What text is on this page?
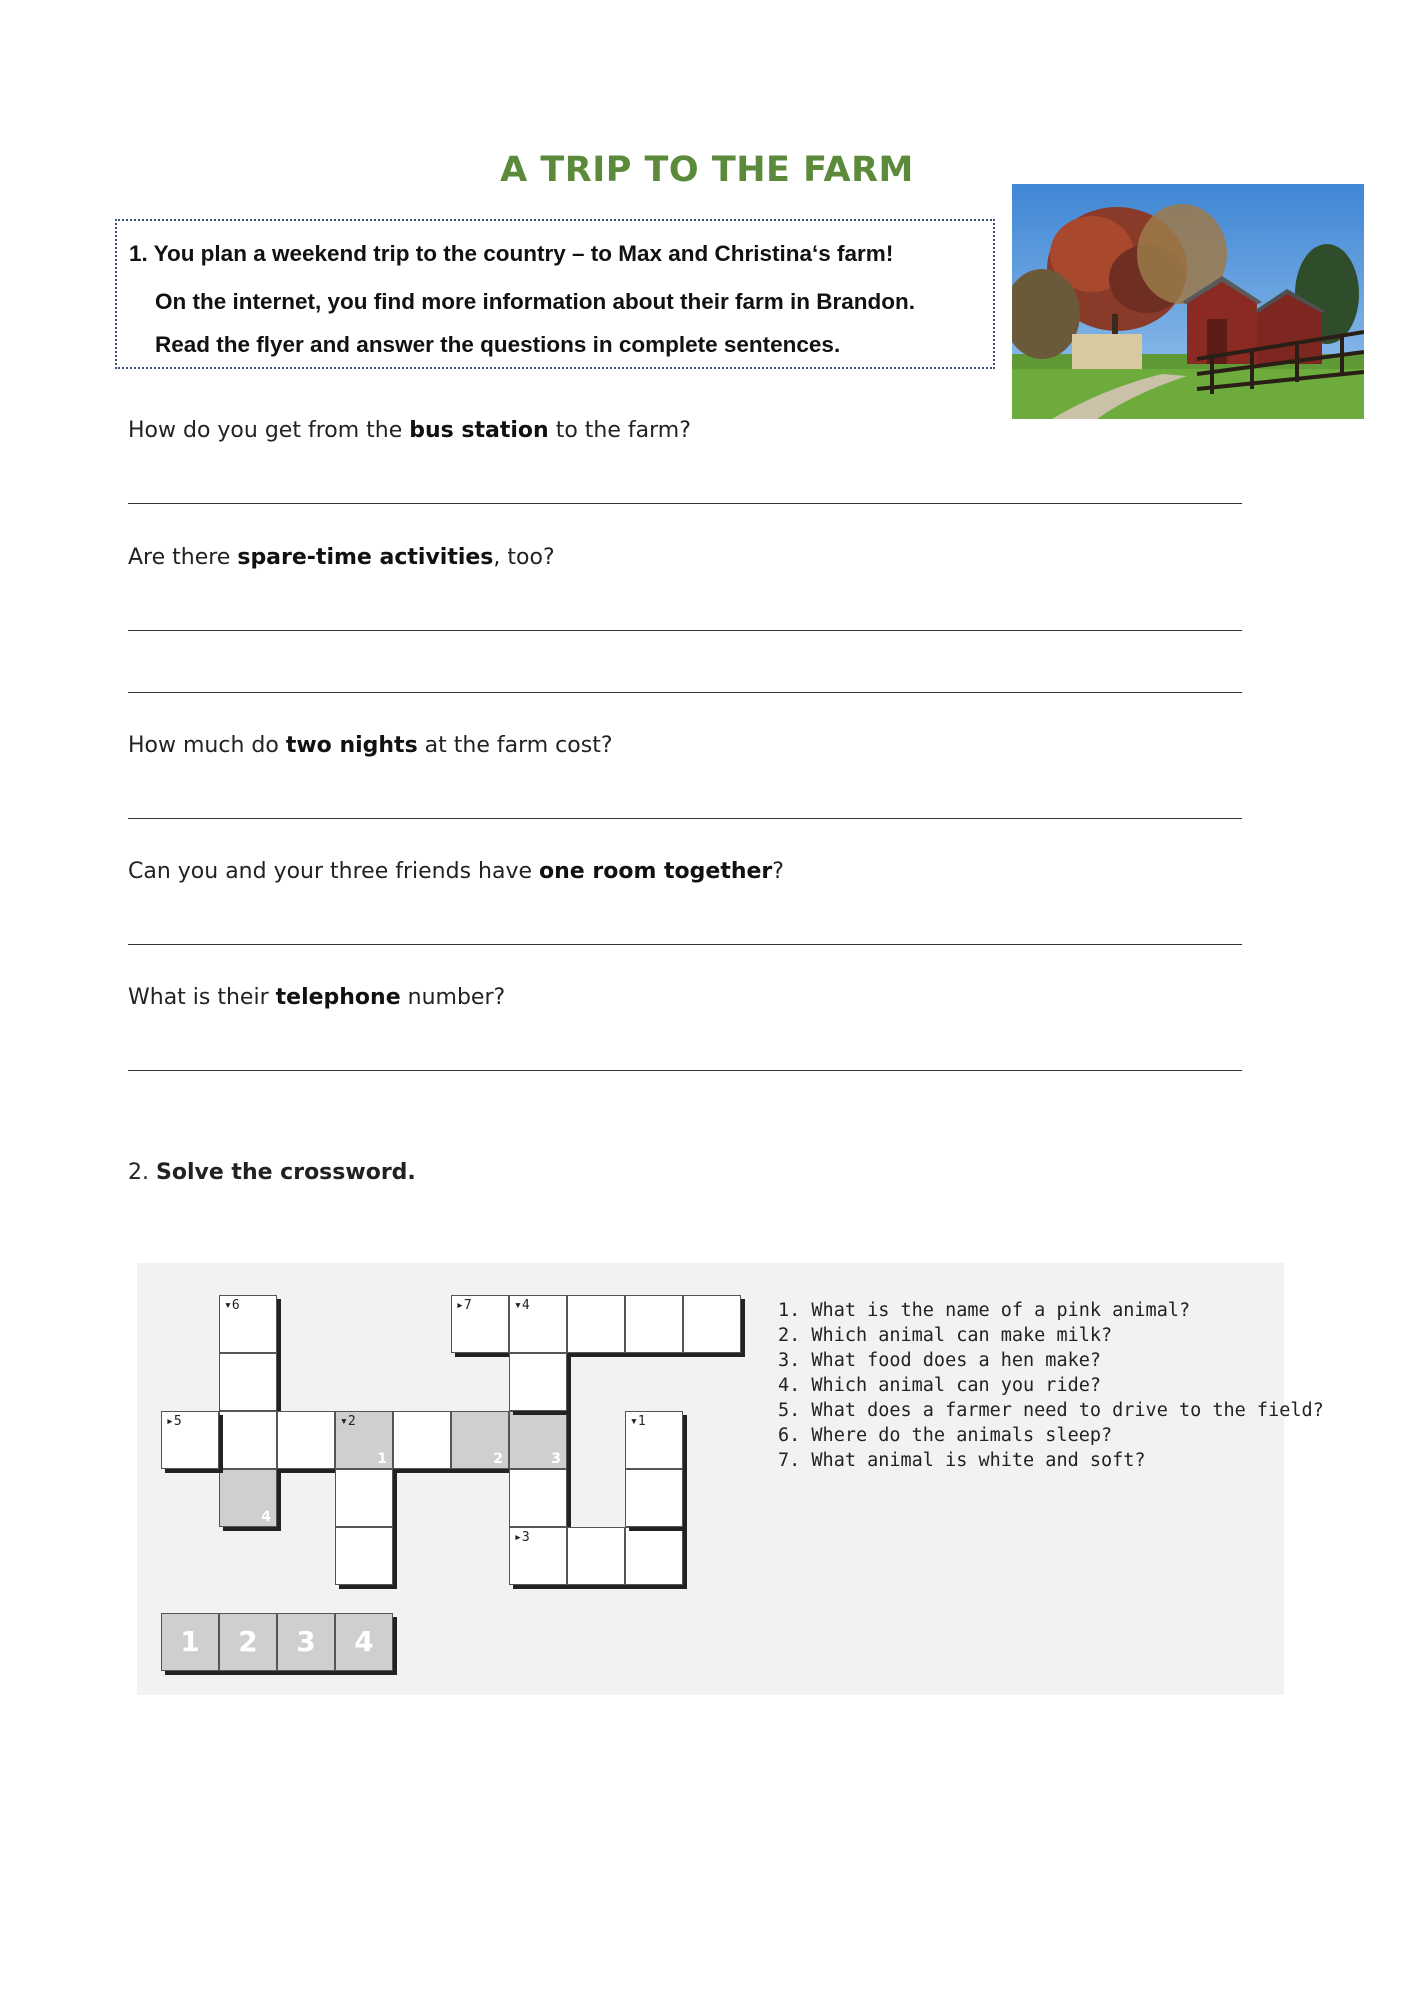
A TRIP TO THE FARM
1. You plan a weekend trip to the country – to Max and Christina‘s farm!
On the internet, you find more information about their farm in Brandon.
Read the flyer and answer the questions in complete sentences.
How do you get from the bus station to the farm?
Are there spare-time activities, too?
How much do two nights at the farm cost?
Can you and your three friends have one room together?
What is their telephone number?
2. Solve the crossword.
▾6
4
▸5	▾2
1	2	3
▸7	▾4
▸3
▾1
1	2	3	4
1. What is the name of a pink animal?
2. Which animal can make milk?
3. What food does a hen make?
4. Which animal can you ride?
5. What does a farmer need to drive to the field?
6. Where do the animals sleep?
7. What animal is white and soft?
